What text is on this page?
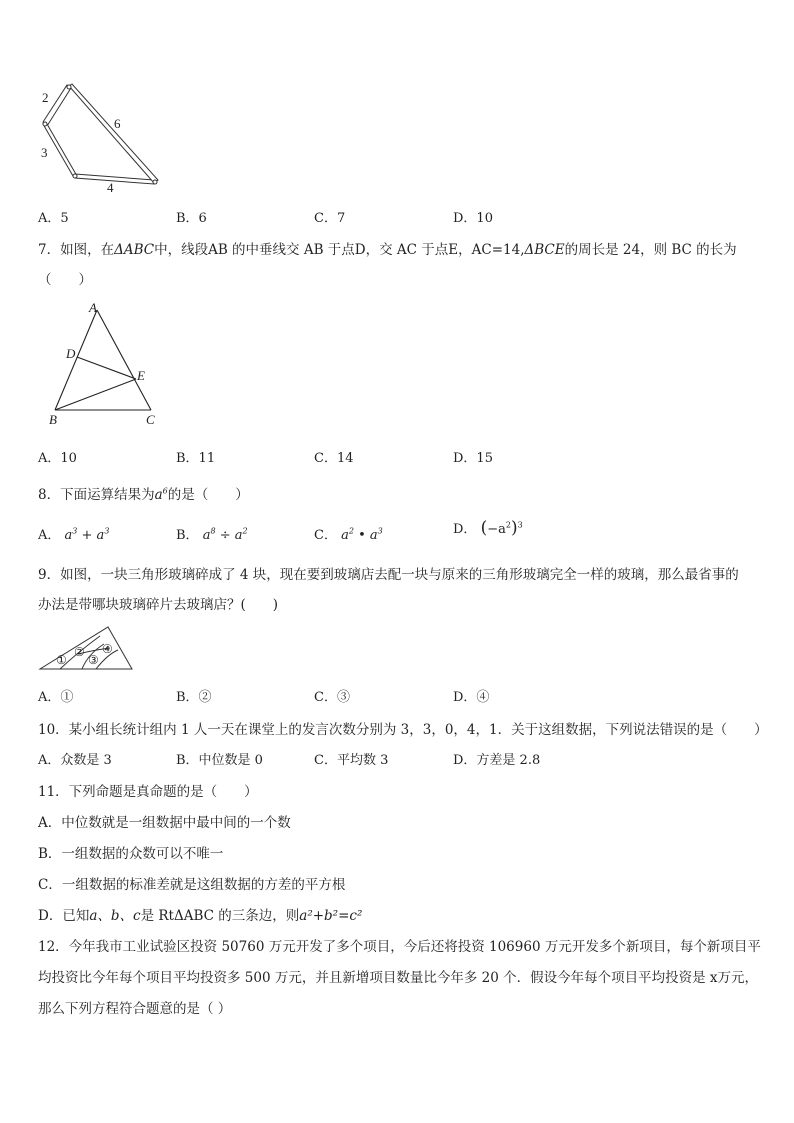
2
3
6
4
A．5	B．6	C．7	D．10
7．如图，在ΔABC中，线段AB 的中垂线交 AB 于点D，交 AC 于点E，AC=14,ΔBCE的周长是 24，则 BC 的长为
（　　）
A
D
E
B	C
A．10	B．11	C．14	D．15
8．下面运算结果为$a^6$的是（　　）
A． $a^3 + a^3$	B． $a^8 \div a^2$	C． $a^2$ • $a^3$	D． $(-a^2)^3$
9．如图，一块三角形玻璃碎成了 4 块，现在要到玻璃店去配一块与原来的三角形玻璃完全一样的玻璃，那么最省事的
办法是带哪块玻璃碎片去玻璃店？(　　)
①
②
③
④
A．①	B．②	C．③	D．④
10．某小组长统计组内 1 人一天在课堂上的发言次数分别为 3，3，0，4，1．关于这组数据，下列说法错误的是（　　）
A．众数是 3	B．中位数是 0	C．平均数 3	D．方差是 2.8
11．下列命题是真命题的是（　　）
A．中位数就是一组数据中最中间的一个数
B．一组数据的众数可以不唯一
C．一组数据的标准差就是这组数据的方差的平方根
D．已知a、b、c是 RtΔABC 的三条边，则a²+b²=c²
12．今年我市工业试验区投资 50760 万元开发了多个项目，今后还将投资 106960 万元开发多个新项目，每个新项目平
均投资比今年每个项目平均投资多 500 万元，并且新增项目数量比今年多 20 个．假设今年每个项目平均投资是 x万元，
那么下列方程符合题意的是（ ）
